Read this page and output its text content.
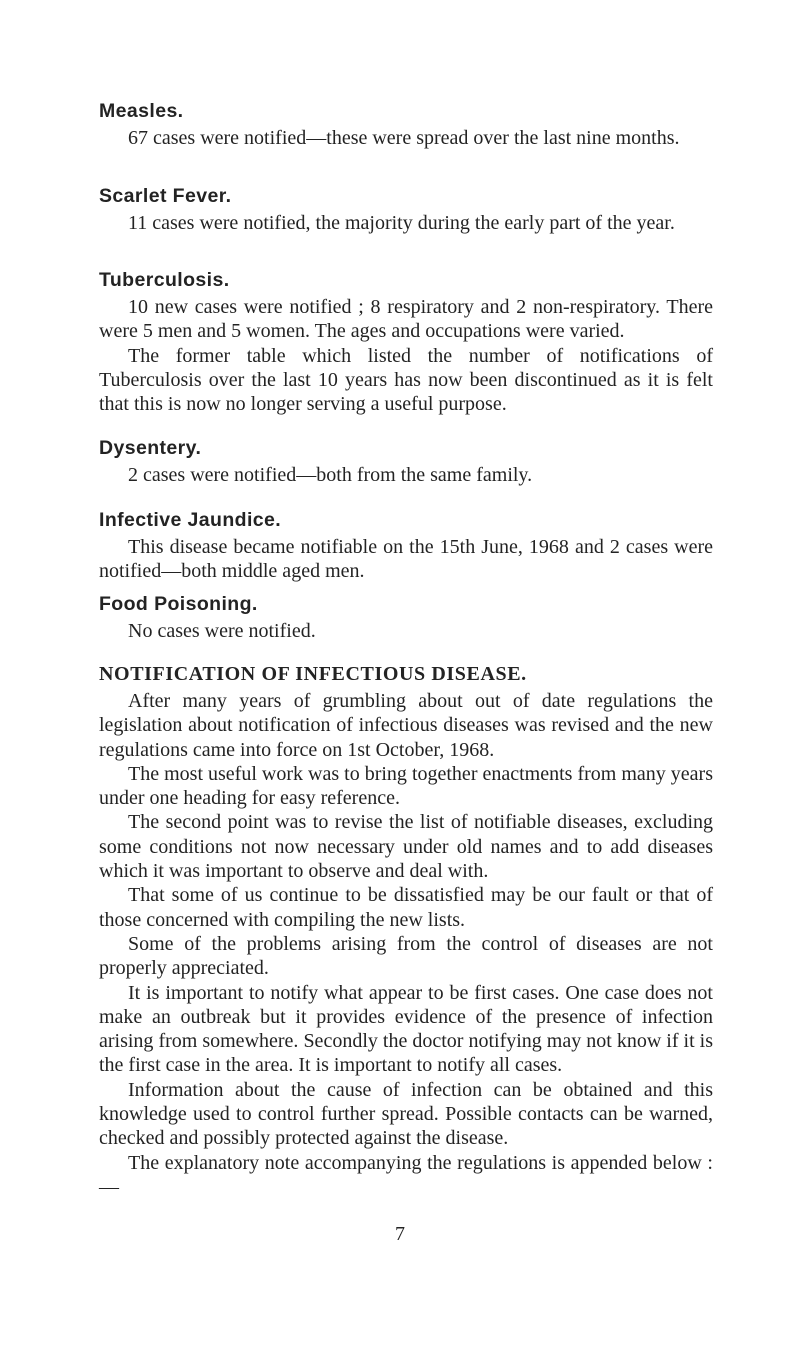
Measles.

67 cases were notified—these were spread over the last nine months.

Scarlet Fever.

11 cases were notified, the majority during the early part of the year.

Tuberculosis.

10 new cases were notified ; 8 respiratory and 2 non-respiratory. There were 5 men and 5 women. The ages and occupations were varied.

The former table which listed the number of notifications of Tuberculosis over the last 10 years has now been discontinued as it is felt that this is now no longer serving a useful purpose.

Dysentery.

2 cases were notified—both from the same family.

Infective Jaundice.

This disease became notifiable on the 15th June, 1968 and 2 cases were notified—both middle aged men.

Food Poisoning.

No cases were notified.

NOTIFICATION OF INFECTIOUS DISEASE.

After many years of grumbling about out of date regulations the legislation about notification of infectious diseases was revised and the new regulations came into force on 1st October, 1968.

The most useful work was to bring together enactments from many years under one heading for easy reference.

The second point was to revise the list of notifiable diseases, excluding some conditions not now necessary under old names and to add diseases which it was important to observe and deal with.

That some of us continue to be dissatisfied may be our fault or that of those concerned with compiling the new lists.

Some of the problems arising from the control of diseases are not properly appreciated.

It is important to notify what appear to be first cases. One case does not make an outbreak but it provides evidence of the presence of infection arising from somewhere. Secondly the doctor notifying may not know if it is the first case in the area. It is important to notify all cases.

Information about the cause of infection can be obtained and this knowledge used to control further spread. Possible contacts can be warned, checked and possibly protected against the disease.

The explanatory note accompanying the regulations is appended below :—

7
